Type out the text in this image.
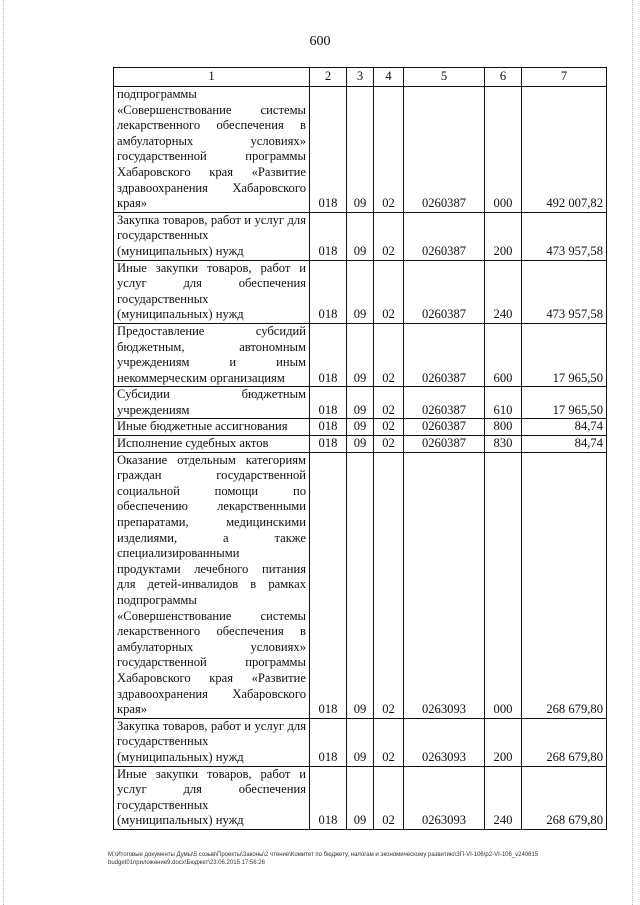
600
1	2	3	4	5	6	7
подпрограммы «Совершенствование системы лекарственного обеспечения в амбулаторных условиях» государственной программы Хабаровского края «Развитие здравоохранения Хабаровского края»	018	09	02	0260387	000	492 007,82
Закупка товаров, работ и услуг для государственных (муниципальных) нужд	018	09	02	0260387	200	473 957,58
Иные закупки товаров, работ и услуг для обеспечения государственных (муниципальных) нужд	018	09	02	0260387	240	473 957,58
Предоставление субсидий бюджетным, автономным учреждениям и иным некоммерческим организациям	018	09	02	0260387	600	17 965,50
Субсидии бюджетным учреждениям	018	09	02	0260387	610	17 965,50
Иные бюджетные ассигнования	018	09	02	0260387	800	84,74
Исполнение судебных актов	018	09	02	0260387	830	84,74
Оказание отдельным категориям граждан государственной социальной помощи по обеспечению лекарственными препаратами, медицинскими изделиями, а также специализированными продуктами лечебного питания для детей-инвалидов в рамках подпрограммы «Совершенствование системы лекарственного обеспечения в амбулаторных условиях» государственной программы Хабаровского края «Развитие здравоохранения Хабаровского края»	018	09	02	0263093	000	268 679,80
Закупка товаров, работ и услуг для государственных (муниципальных) нужд	018	09	02	0263093	200	268 679,80
Иные закупки товаров, работ и услуг для обеспечения государственных (муниципальных) нужд	018	09	02	0263093	240	268 679,80
М:\Итоговые документы Думы\5 созыв\Проекты\Законы\2 чтение\Комитет по бюджету, налогам и экономическому развитию\ЗП-VI-106\р2-VI-106_v240615 budget01приложение9.docx\Бюджет\23.06.2015 17:56:26
